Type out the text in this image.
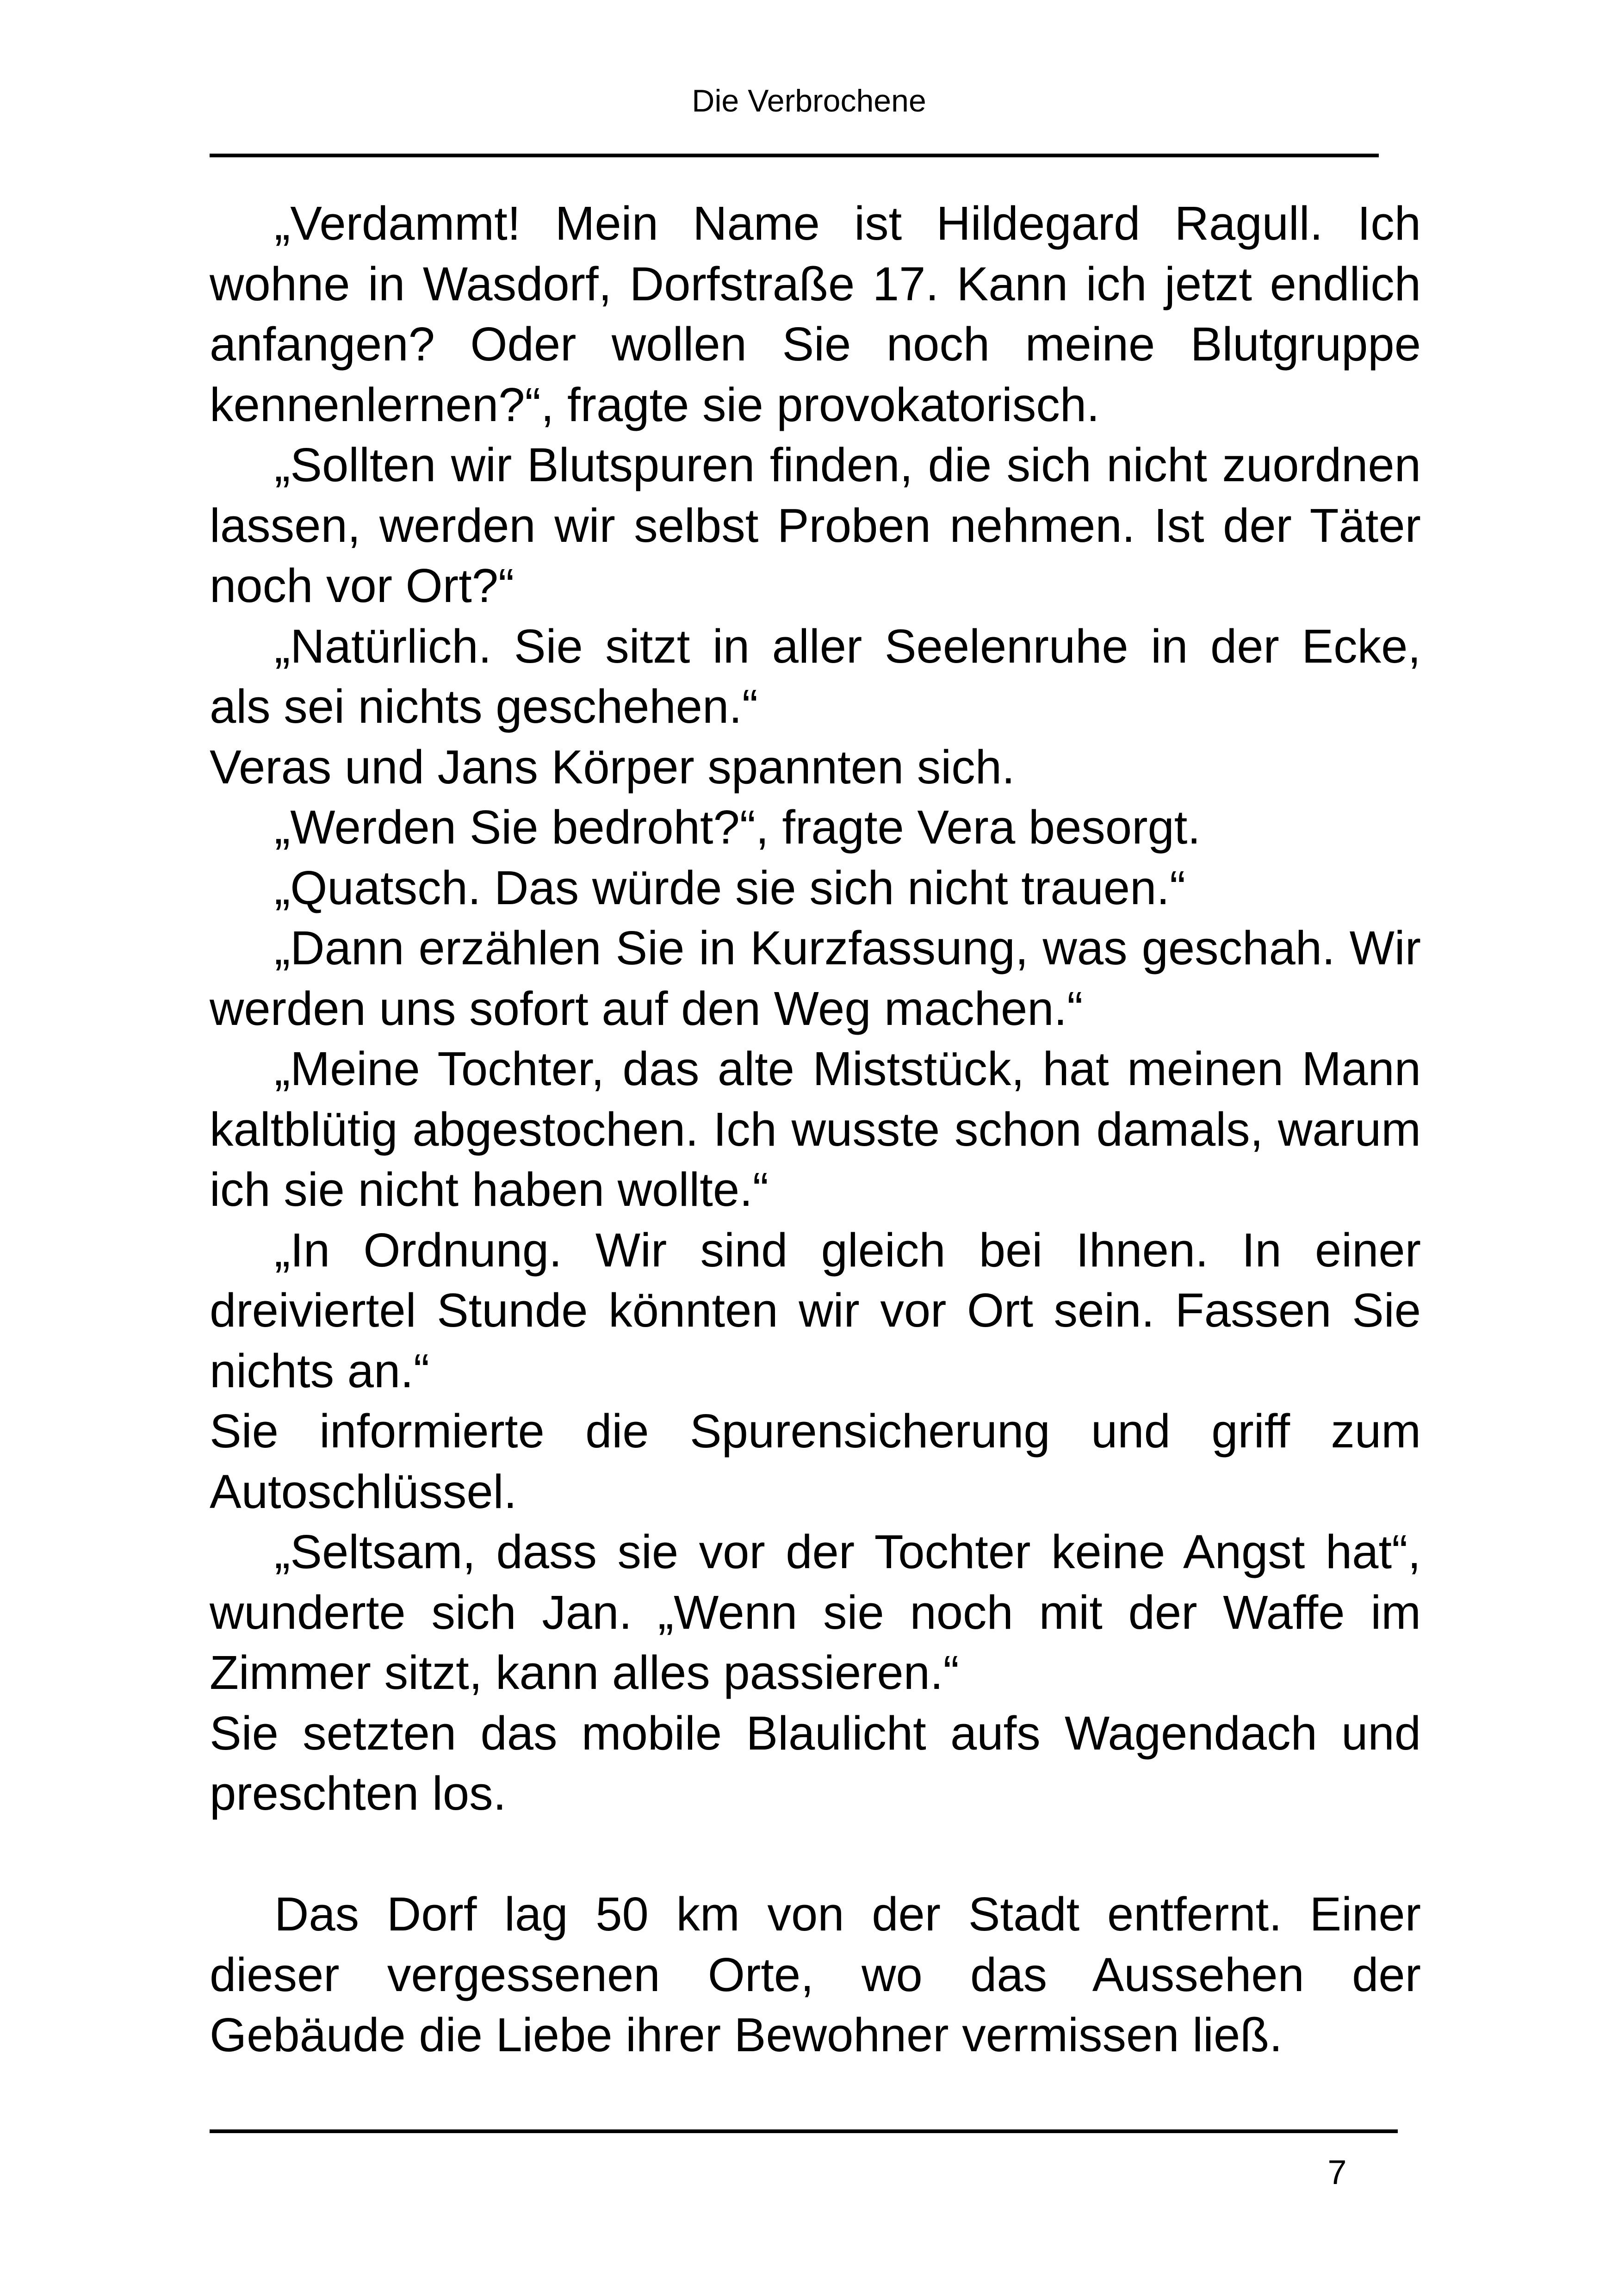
Die Verbrochene

„Verdammt! Mein Name ist Hildegard Ragull. Ich wohne in Wasdorf, Dorfstraße 17. Kann ich jetzt endlich anfangen? Oder wollen Sie noch meine Blutgruppe kennenlernen?“, fragte sie provokatorisch.

„Sollten wir Blutspuren finden, die sich nicht zuordnen lassen, werden wir selbst Proben nehmen. Ist der Täter noch vor Ort?“

„Natürlich. Sie sitzt in aller Seelenruhe in der Ecke, als sei nichts geschehen.“

Veras und Jans Körper spannten sich.

„Werden Sie bedroht?“, fragte Vera besorgt.

„Quatsch. Das würde sie sich nicht trauen.“

„Dann erzählen Sie in Kurzfassung, was geschah. Wir werden uns sofort auf den Weg machen.“

„Meine Tochter, das alte Miststück, hat meinen Mann kaltblütig abgestochen. Ich wusste schon damals, warum ich sie nicht haben wollte.“

„In Ordnung. Wir sind gleich bei Ihnen. In einer dreiviertel Stunde könnten wir vor Ort sein. Fassen Sie nichts an.“

Sie informierte die Spurensicherung und griff zum Autoschlüssel.

„Seltsam, dass sie vor der Tochter keine Angst hat“, wunderte sich Jan. „Wenn sie noch mit der Waffe im Zimmer sitzt, kann alles passieren.“

Sie setzten das mobile Blaulicht aufs Wagendach und preschten los.

Das Dorf lag 50 km von der Stadt entfernt. Einer dieser vergessenen Orte, wo das Aussehen der Gebäude die Liebe ihrer Bewohner vermissen ließ.

7
